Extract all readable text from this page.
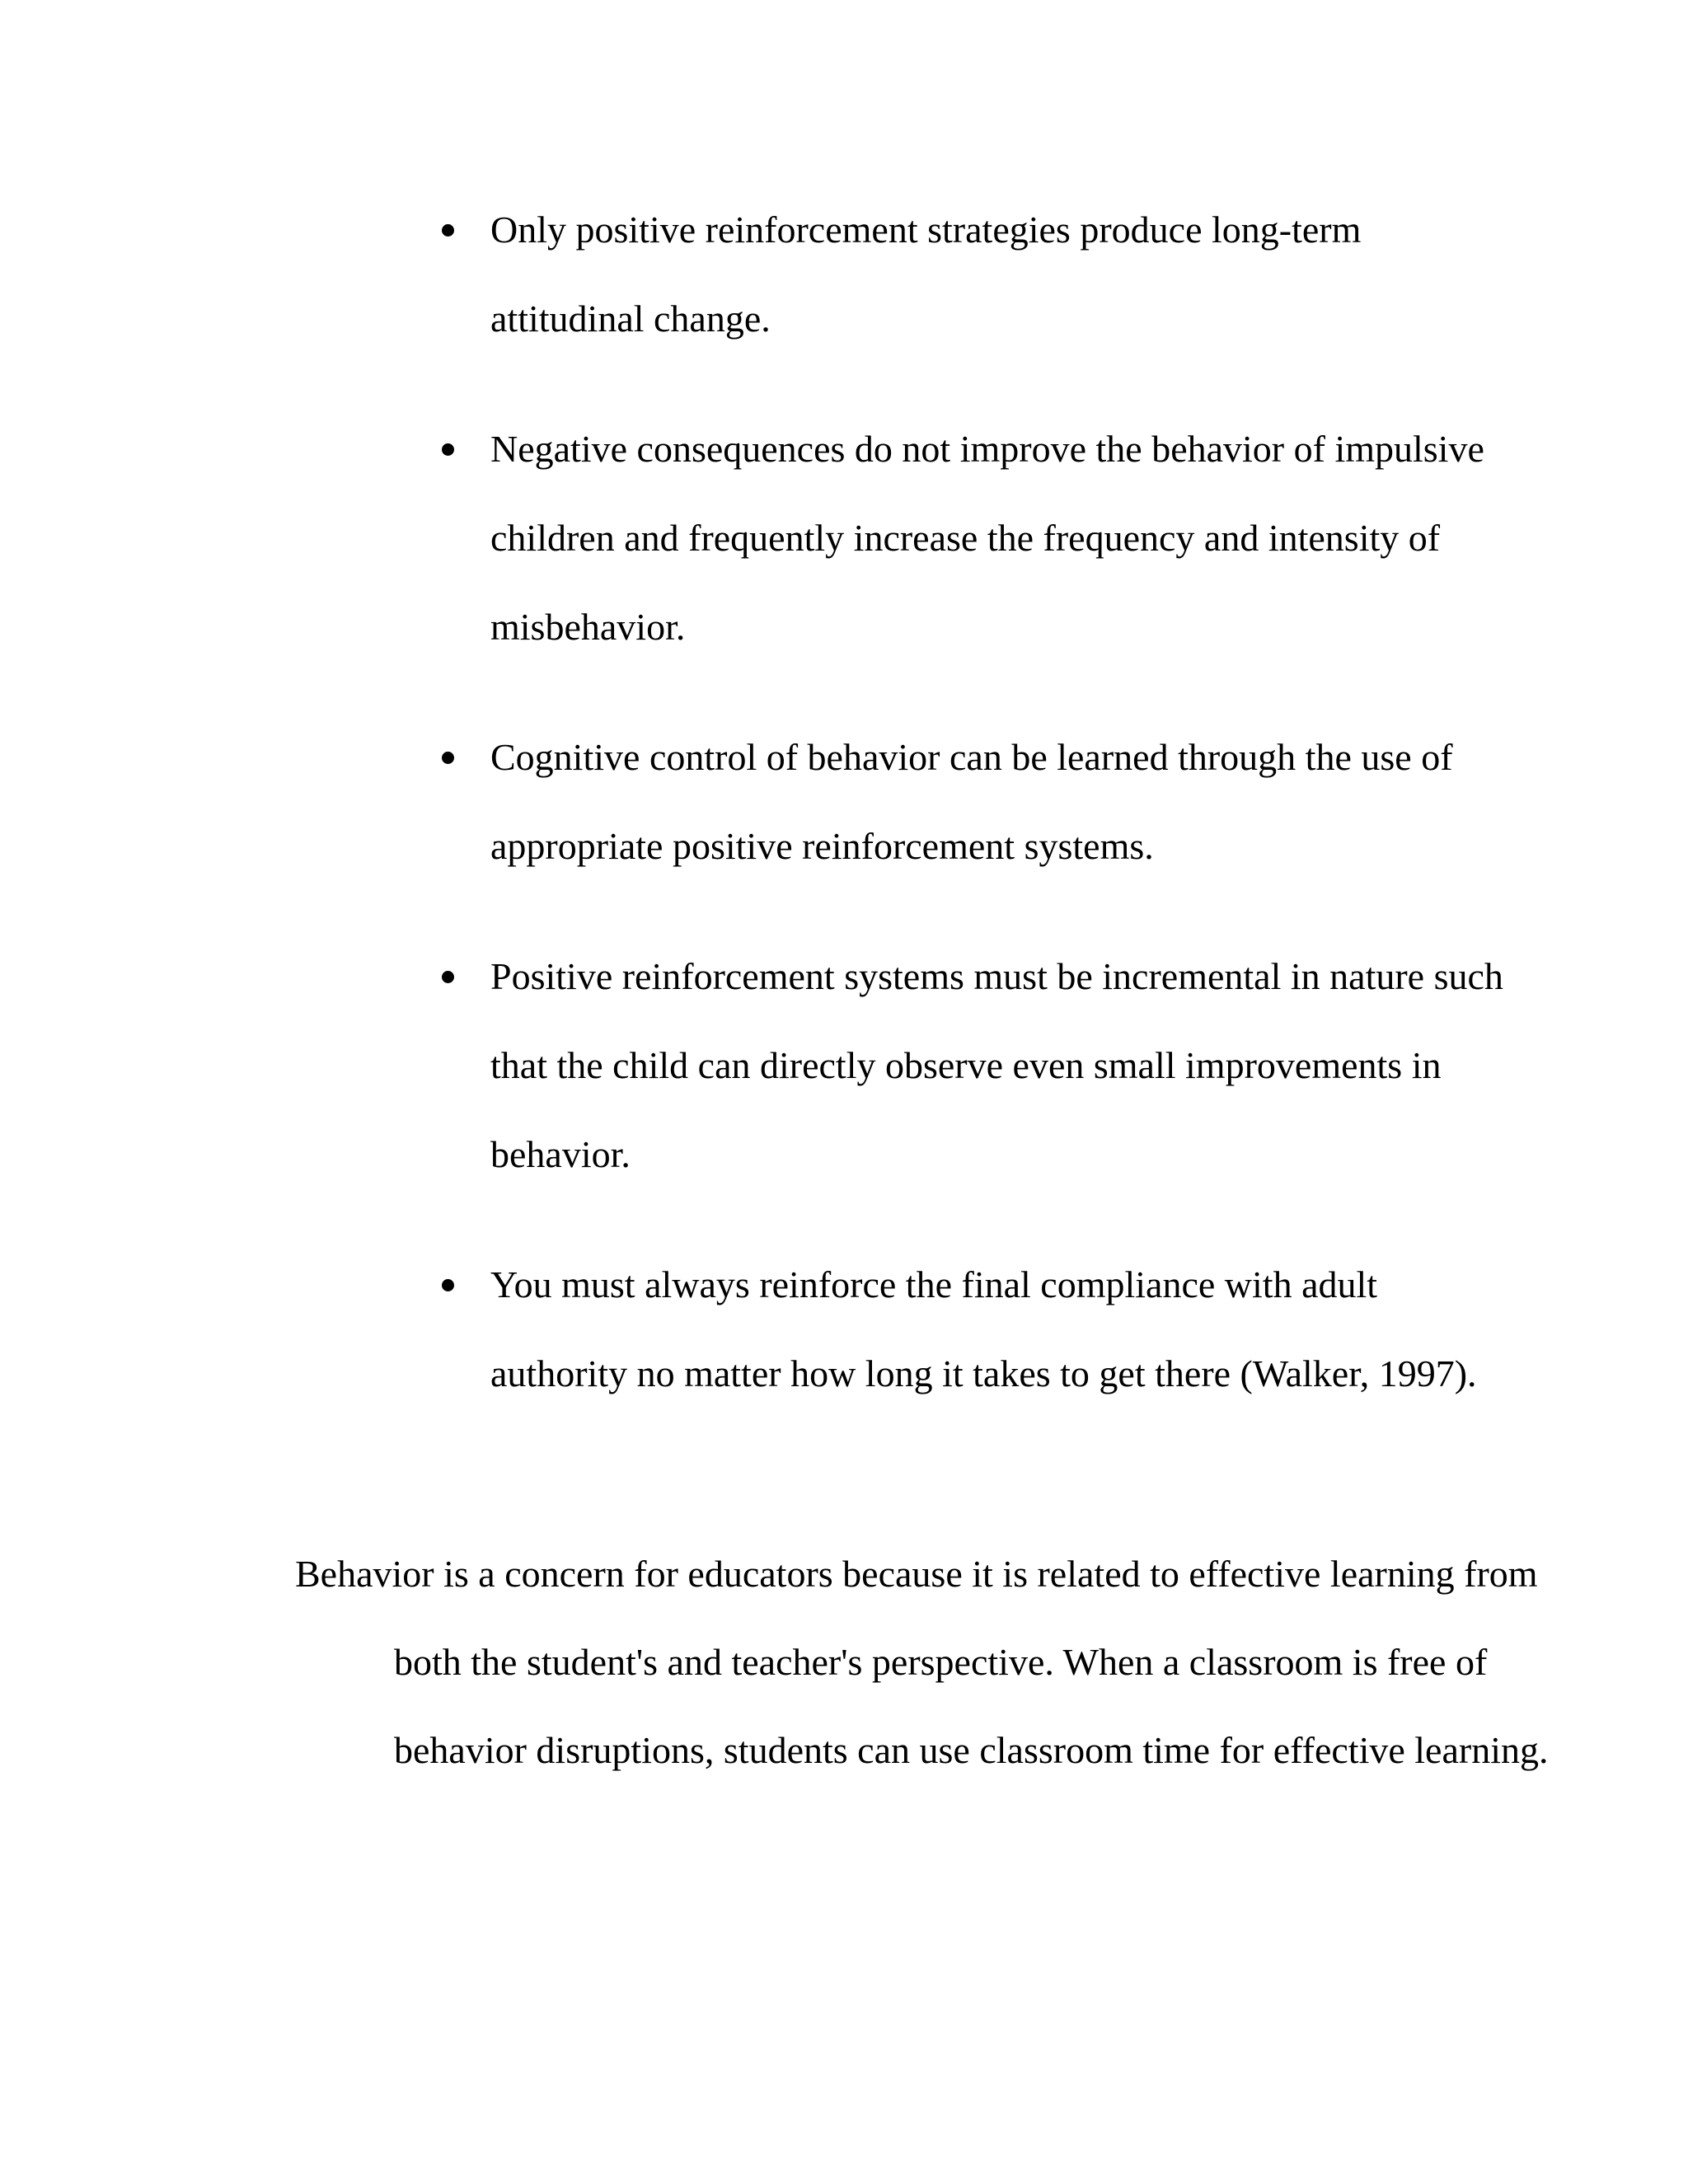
Only positive reinforcement strategies produce long-term attitudinal change.
Negative consequences do not improve the behavior of impulsive children and frequently increase the frequency and intensity of misbehavior.
Cognitive control of behavior can be learned through the use of appropriate positive reinforcement systems.
Positive reinforcement systems must be incremental in nature such that the child can directly observe even small improvements in behavior.
You must always reinforce the final compliance with adult authority no matter how long it takes to get there (Walker, 1997).

Behavior is a concern for educators because it is related to effective learning from both the student's and teacher's perspective. When a classroom is free of behavior disruptions, students can use classroom time for effective learning.
